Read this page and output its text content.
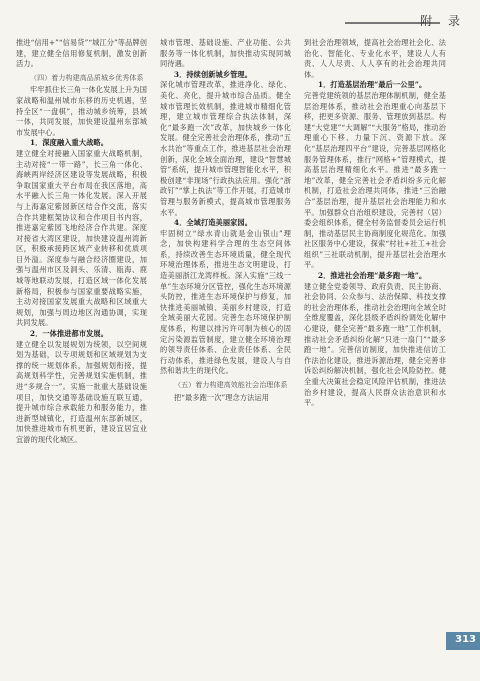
附 录

推进“信用+”“信易贷”“城江分”等品牌创建，建立健全信用修复机制，激发创新活力。

（四）着力构建高品质城乡优秀体系

牢牢抓住长三角一体化发展上升为国家战略和温州城市东移的历史机遇，坚持全区“一盘棋”，推动城乡统筹，县域一体，共同发展，加快建设温州东部城市发展中心。

1．深度融入重大战略。

建立健全对接融入国家重大战略机制，主动对接“一带一路”，长三角一体化、海峡两岸经济区建设等发展战略，积极争取国家重大平台布局在我区落地，高水平融入长三角一体化发展。深入开展与上海嘉定紫园新区结合作交流，落实合作共建框架协议和合作项目书内容，推进嘉定紫园飞地经济合作共建。深度对接省大湾区建设，加快建设温州湾新区，积极承接跨区域产业转移和优质项目外溢。深度参与融合经济圈建设，加强与温州市区及洞头、乐清、瓯海、鹿城等地联动发展，打造区域一体化发展新格局，积极参与国家重要战略实施，主动对接国家发展重大战略和区域重大规划，加强与周边地区沟通协调，实现共同发展。

2．一体推进都市发展。

建立健全以发展规划为统领，以空间规划为基础，以专项规划和区域规划为支撑的统一规划体系，加强规划衔接，提高规划科学性，完善规划实施机制，推进“多规合一”。实施一批重大基础设施项目，加快交通等基础设施互联互通，提升城市综合承载能力和服务能力，推进新型城镇化，打造温州东部新城区，加快推进城市有机更新，建设宜居宜业宜游的现代化城区。

城市管理、基础设施、产业功能、公共服务等一体化机制，加快推动实现同城同待遇。

3．持续创新城乡管理。

深化城市管理改革，推进净化、绿化、美化、亮化，提升城市综合品质。健全城市管理长效机制，推进城市精细化管理，建立城市管理综合执法体制，深化“最多跑一次”改革，加快城乡一体化发展。健全完善社会治理体系，推动“五水共治”等重点工作，推进基层社会治理创新，深化全域全面治理，建设“智慧城管”系统，提升城市管理智能化水平，积极创建“非现场”行政执法应用。强化“浙政钉”“掌上执法”等工作开展，打造城市管理与服务新模式，提高城市管理服务水平。

4．全域打造美丽家园。

牢固树立“绿水青山就是金山银山”理念，加快构建科学合理的生态空间体系，持续改善生态环境质量，健全现代环境治理体系，推进生态文明建设，打造美丽浙江龙湾样板。深入实施“三线一单”生态环境分区管控，强化生态环境源头防控，推进生态环境保护与修复，加快推进美丽城镇、美丽乡村建设，打造全域美丽大花园。完善生态环境保护制度体系，构建以排污许可制为核心的固定污染源监管制度，建立健全环境治理的领导责任体系、企业责任体系、全民行动体系，推进绿色发展，建设人与自然和谐共生的现代化。

（五）着力构建高效能社会治理体系

把“最多跑一次”理念方法运用

到社会治理领域，提高社会治理社会化、法治化、智能化、专业化水平，建设人人有责、人人尽责、人人享有的社会治理共同体。

1．打造基层治理“最后一公里”。

完善党建统领的基层治理体制机制，健全基层治理体系，推动社会治理重心向基层下移，把更多资源、服务、管理放到基层。构建“大党建”“大调解”“大服务”格局，推动治理重心下移、力量下沉、资源下放。深化“基层治理四平台”建设，完善基层网格化服务管理体系，推行“网格+”管理模式，提高基层治理精细化水平。推进“最多跑一地”改革，健全完善社会矛盾纠纷多元化解机制，打造社会治理共同体，推进“三治融合”基层治理，提升基层社会治理能力和水平。加强群众自治组织建设，完善村（居）委会组织体系，健全村务监督委员会运行机制，推动基层民主协商制度化规范化。加强社区服务中心建设，探索“村社+社工+社会组织”三社联动机制，提升基层社会治理水平。

2．推进社会治理“最多跑一地”。

建立健全党委领导、政府负责、民主协商、社会协同、公众参与、法治保障、科技支撑的社会治理体系，推动社会治理向全域全时全维度覆盖，深化县级矛盾纠纷调处化解中心建设，健全完善“最多跑一地”工作机制，推动社会矛盾纠纷化解“只进一扇门”“最多跑一地”。完善信访制度，加快推进信访工作法治化建设，推进诉源治理，健全完善非诉讼纠纷解决机制，强化社会风险防控。健全重大决策社会稳定风险评估机制，推进法治乡村建设，提高人民群众法治意识和水平。

313
